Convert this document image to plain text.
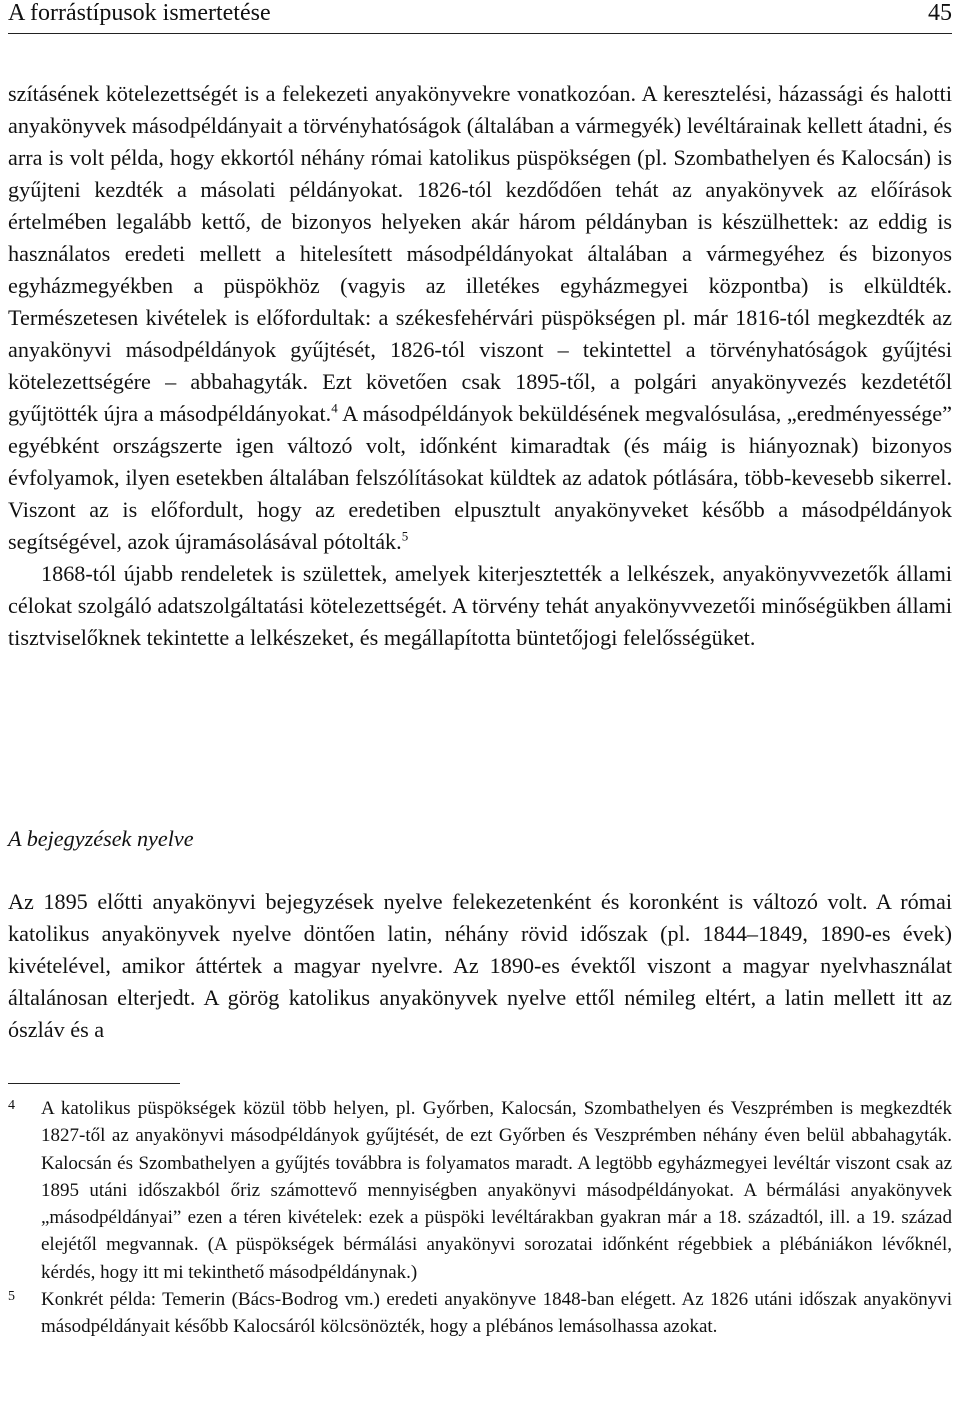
A forrástípusok ismertetése	45

szításének kötelezettségét is a felekezeti anyakönyvekre vonatkozóan. A keresztelési, házassági és halotti anyakönyvek másodpéldányait a törvényhatóságok (általában a vármegyék) levéltárainak kellett átadni, és arra is volt példa, hogy ekkortól néhány római katolikus püspökségen (pl. Szombathelyen és Kalocsán) is gyűjteni kezdték a másolati példányokat. 1826-tól kezdődően tehát az anyakönyvek az előírások értelmében legalább kettő, de bizonyos helyeken akár három példányban is készülhettek: az eddig is használatos eredeti mellett a hitelesített másodpéldányokat általában a vármegyéhez és bizonyos egyházmegyékben a püspökhöz (vagyis az illetékes egyházmegyei központba) is elküldték. Természetesen kivételek is előfordultak: a székesfehérvári püspökségen pl. már 1816-tól megkezdték az anyakönyvi másodpéldányok gyűjtését, 1826-tól viszont – tekintettel a törvényhatóságok gyűjtési kötelezettségére – abbahagyták. Ezt követően csak 1895-től, a polgári anyakönyvezés kezdetétől gyűjtötték újra a másodpéldányokat.$^4$ A másodpéldányok beküldésének megvalósulása, „eredményessége” egyébként országszerte igen változó volt, időnként kimaradtak (és máig is hiányoznak) bizonyos évfolyamok, ilyen esetekben általában felszólításokat küldtek az adatok pótlására, több-kevesebb sikerrel. Viszont az is előfordult, hogy az eredetiben elpusztult anyakönyveket később a másodpéldányok segítségével, azok újramásolásával pótolták.$^5$

1868-tól újabb rendeletek is születtek, amelyek kiterjesztették a lelkészek, anyakönyvvezetők állami célokat szolgáló adatszolgáltatási kötelezettségét. A törvény tehát anyakönyvvezetői minőségükben állami tisztviselőknek tekintette a lelkészeket, és megállapította büntetőjogi felelősségüket.

A bejegyzések nyelve

Az 1895 előtti anyakönyvi bejegyzések nyelve felekezetenként és koronként is változó volt. A római katolikus anyakönyvek nyelve döntően latin, néhány rövid időszak (pl. 1844–1849, 1890-es évek) kivételével, amikor áttértek a magyar nyelvre. Az 1890-es évektől viszont a magyar nyelvhasználat általánosan elterjedt. A görög katolikus anyakönyvek nyelve ettől némileg eltért, a latin mellett itt az ószláv és a

4 A katolikus püspökségek közül több helyen, pl. Győrben, Kalocsán, Szombathelyen és Veszprémben is megkezdték 1827-től az anyakönyvi másodpéldányok gyűjtését, de ezt Győrben és Veszprémben néhány éven belül abbahagyták. Kalocsán és Szombathelyen a gyűjtés továbbra is folyamatos maradt. A legtöbb egyházmegyei levéltár viszont csak az 1895 utáni időszakból őriz számottevő mennyiségben anyakönyvi másodpéldányokat. A bérmálási anyakönyvek „másodpéldányai” ezen a téren kivételek: ezek a püspöki levéltárakban gyakran már a 18. századtól, ill. a 19. század elejétől megvannak. (A püspökségek bérmálási anyakönyvi sorozatai időnként régebbiek a plébániákon lévőknél, kérdés, hogy itt mi tekinthető másodpéldánynak.)
5 Konkrét példa: Temerin (Bács-Bodrog vm.) eredeti anyakönyve 1848-ban elégett. Az 1826 utáni időszak anyakönyvi másodpéldányait később Kalocsáról kölcsönözték, hogy a plébános lemásolhassa azokat.
